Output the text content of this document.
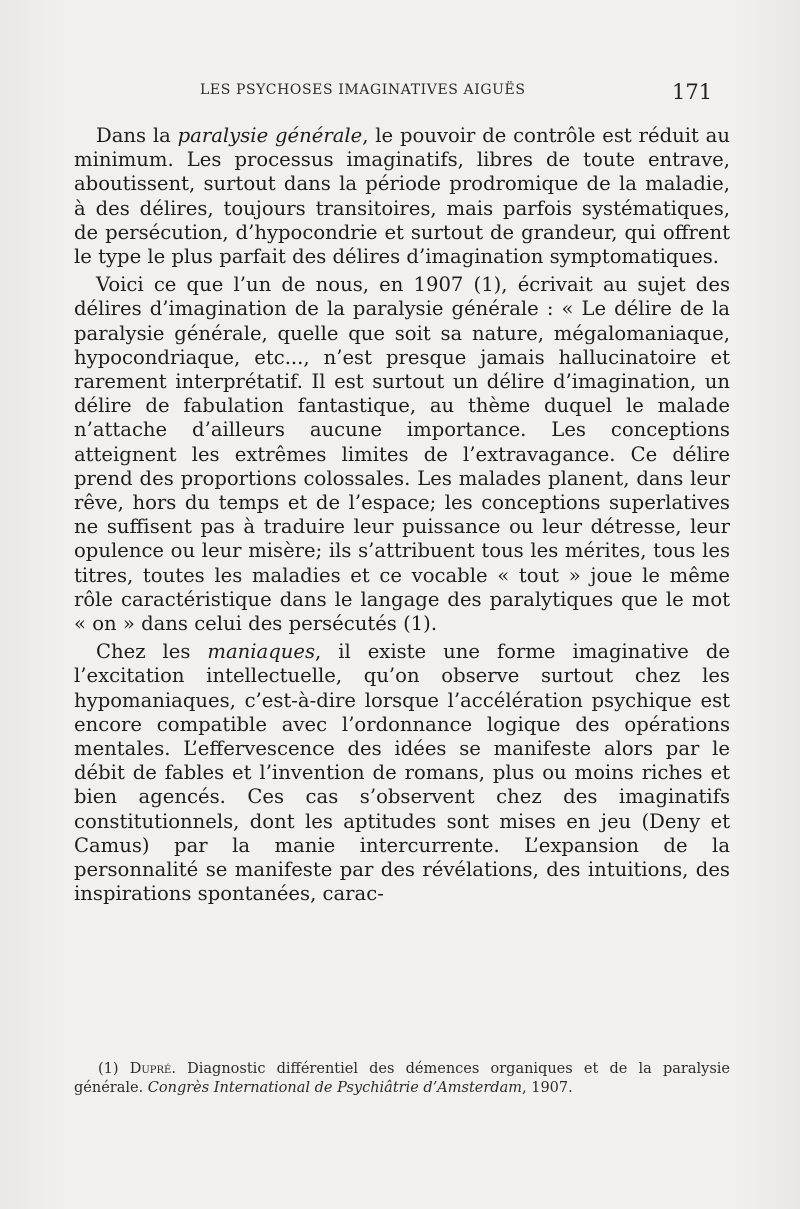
LES PSYCHOSES IMAGINATIVES AIGUËS	171

Dans la paralysie générale, le pouvoir de contrôle est réduit au minimum. Les processus imaginatifs, libres de toute entrave, aboutissent, surtout dans la période prodromique de la maladie, à des délires, toujours transitoires, mais parfois systématiques, de persécution, d’hypocondrie et surtout de grandeur, qui offrent le type le plus parfait des délires d’imagination symptomatiques.

Voici ce que l’un de nous, en 1907 (1), écrivait au sujet des délires d’imagination de la paralysie générale : « Le délire de la paralysie générale, quelle que soit sa nature, mégalomaniaque, hypocondriaque, etc..., n’est presque jamais hallucinatoire et rarement interprétatif. Il est surtout un délire d’imagination, un délire de fabulation fantastique, au thème duquel le malade n’attache d’ailleurs aucune importance. Les conceptions atteignent les extrêmes limites de l’extravagance. Ce délire prend des proportions colossales. Les malades planent, dans leur rêve, hors du temps et de l’espace; les conceptions superlatives ne suffisent pas à traduire leur puissance ou leur détresse, leur opulence ou leur misère; ils s’attribuent tous les mérites, tous les titres, toutes les maladies et ce vocable « tout » joue le même rôle caractéristique dans le langage des paralytiques que le mot « on » dans celui des persécutés (1).

Chez les maniaques, il existe une forme imaginative de l’excitation intellectuelle, qu’on observe surtout chez les hypomaniaques, c’est-à-dire lorsque l’accélération psychique est encore compatible avec l’ordonnance logique des opérations mentales. L’effervescence des idées se manifeste alors par le débit de fables et l’invention de romans, plus ou moins riches et bien agencés. Ces cas s’observent chez des imaginatifs constitutionnels, dont les aptitudes sont mises en jeu (Deny et Camus) par la manie intercurrente. L’expansion de la personnalité se manifeste par des révélations, des intuitions, des inspirations spontanées, carac-

(1) Dupré. Diagnostic différentiel des démences organiques et de la paralysie générale. Congrès International de Psychiâtrie d’Amsterdam, 1907.
